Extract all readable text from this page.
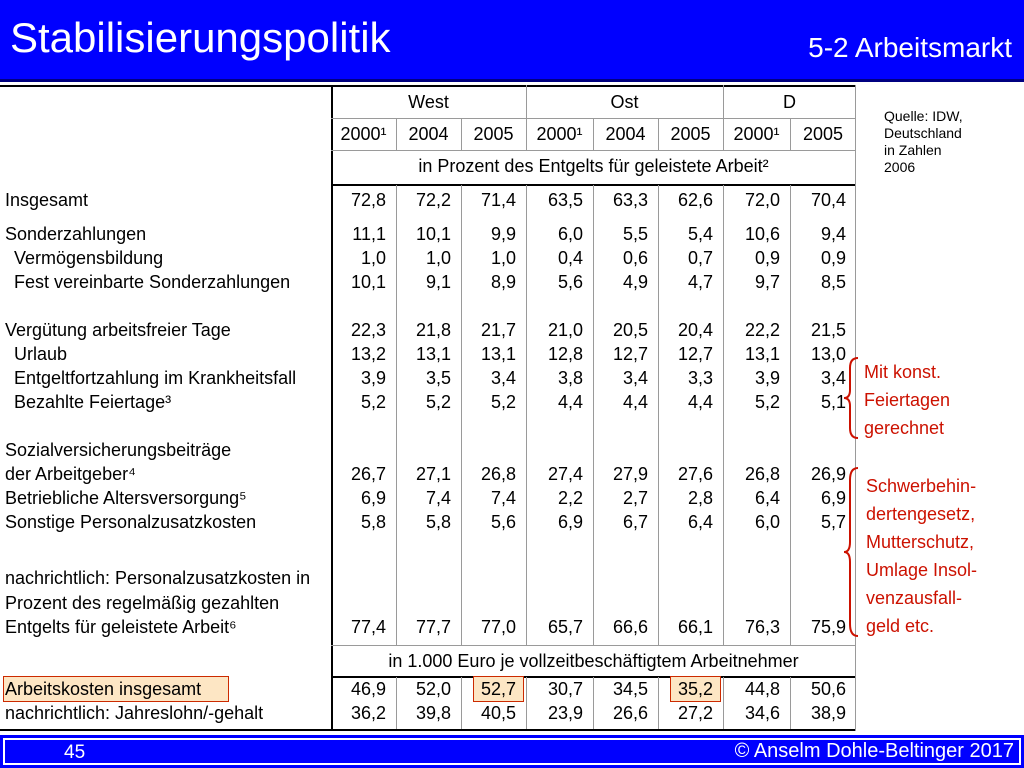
Stabilisierungspolitik	5-2 Arbeitsmarkt
West	Ost	D
2000¹	2004	2005	2000¹	2004	2005	2000¹	2005
in Prozent des Entgelts für geleistete Arbeit²
in 1.000 Euro je vollzeitbeschäftigtem Arbeitnehmer
Insgesamt	72,8	72,2	71,4	63,5	63,3	62,6	72,0	70,4
Sonderzahlungen	11,1	10,1	9,9	6,0	5,5	5,4	10,6	9,4
Vermögensbildung	1,0	1,0	1,0	0,4	0,6	0,7	0,9	0,9
Fest vereinbarte Sonderzahlungen	10,1	9,1	8,9	5,6	4,9	4,7	9,7	8,5
Vergütung arbeitsfreier Tage	22,3	21,8	21,7	21,0	20,5	20,4	22,2	21,5
Urlaub	13,2	13,1	13,1	12,8	12,7	12,7	13,1	13,0
Entgeltfortzahlung im Krankheitsfall	3,9	3,5	3,4	3,8	3,4	3,3	3,9	3,4
Bezahlte Feiertage³	5,2	5,2	5,2	4,4	4,4	4,4	5,2	5,1
Sozialversicherungsbeiträge
der Arbeitgeber⁴	26,7	27,1	26,8	27,4	27,9	27,6	26,8	26,9
Betriebliche Altersversorgung⁵	6,9	7,4	7,4	2,2	2,7	2,8	6,4	6,9
Sonstige Personalzusatzkosten	5,8	5,8	5,6	6,9	6,7	6,4	6,0	5,7
nachrichtlich: Personalzusatzkosten in
Prozent des regelmäßig gezahlten
Entgelts für geleistete Arbeit⁶	77,4	77,7	77,0	65,7	66,6	66,1	76,3	75,9
Arbeitskosten insgesamt	46,9	52,0	52,7	30,7	34,5	35,2	44,8	50,6
nachrichtlich: Jahreslohn/-gehalt	36,2	39,8	40,5	23,9	26,6	27,2	34,6	38,9
Quelle: IDW,
Deutschland
in Zahlen
2006
Mit konst.
Feiertagen
gerechnet
Schwerbehin-
dertengesetz,
Mutterschutz,
Umlage Insol-
venzausfall-
geld etc.
45	© Anselm Dohle-Beltinger 2017
